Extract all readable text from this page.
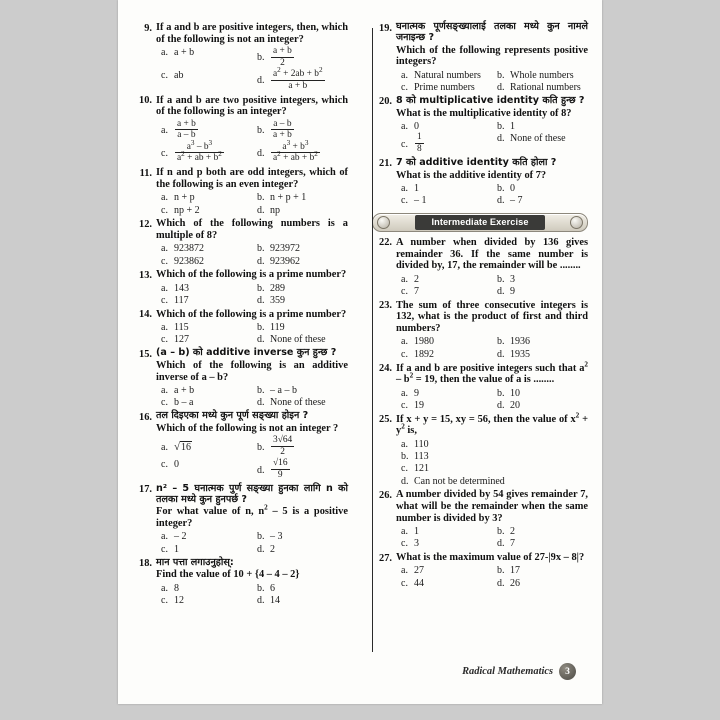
9. If a and b are positive integers, then, which of the following is not an integer?

a. a + b	b. $\frac{a + b}{2}$
c. ab	d. $\frac{a^2 + 2ab + b^2}{a + b}$
10. If a and b are two positive integers, which of the following is an integer?

a. $\frac{a + b}{a - b}$	b. $\frac{a - b}{a + b}$
c. $\frac{a^3 - b^3}{a^2 + ab + b^2}$	d. $\frac{a^3 + b^3}{a^2 + ab + b^2}$
11. If n and p both are odd integers, which of the following is an even integer?

a. n + p	b. n + p + 1
c. np + 2	d. np
12. Which of the following numbers is a multiple of 8?

a. 923872	b. 923972
c. 923862	d. 923962
13. Which of the following is a prime number?

a. 143	b. 289
c. 117	d. 359
14. Which of the following is a prime number?

a. 115	b. 119
c. 127	d. None of these
15. (a – b) को additive inverse कुन हुन्छ ?

Which of the following is an additive inverse of a – b?

a. a + b	b. – a – b
c. b – a	d. None of these
16. तल दिइएका मध्ये कुन पूर्ण सङ्ख्या होइन ?

Which of the following is not an integer ?

a. √16	b. $\frac{3√64}{2}$
c. 0	d. $\frac{√16}{9}$
17. n² – 5 घनात्मक पुर्ण सङ्ख्या हुनका लागि n को तलका मध्ये कुन हुनपर्छ ?

For what value of n, $n^2 - 5$ is a positive integer?

a. – 2	b. – 3
c. 1	d. 2
18. मान पत्ता लगाउनुहोस्:

Find the value of 10 + {4 – 4 – 2}

a. 8	b. 6
c. 12	d. 14
19. घनात्मक पूर्णसङ्ख्यालाई तलका मध्ये कुन नामले जनाइन्छ ?

Which of the following represents positive integers?

a. Natural numbers	b. Whole numbers
c. Prime numbers	d. Rational numbers
20. 8 को multiplicative identity कति हुन्छ ?

What is the multiplicative identity of 8?

a. 0	b. 1
c. $\frac{1}{8}$	d. None of these
21. 7 को additive identity कति होला ?

What is the additive identity of 7?

a. 1	b. 0
c. – 1	d. – 7
Intermediate Exercise
22. A number when divided by 136 gives remainder 36. If the same number is divided by, 17, the remainder will be ........

a. 2	b. 3
c. 7	d. 9
23. The sum of three consecutive integers is 132, what is the product of first and third numbers?

a. 1980	b. 1936
c. 1892	d. 1935
24. If a and b are positive integers such that $a^2 - b^2 = 19$, then the value of a is ........

a. 9	b. 10
c. 19	d. 20
25. If x + y = 15, xy = 56, then the value of $x^2 + y^2$ is,

a. 110
b. 113
c. 121
d. Can not be determined
26. A number divided by 54 gives remainder 7, what will be the remainder when the same number is divided by 3?

a. 1	b. 2
c. 3	d. 7
27. What is the maximum value of 27-|9x – 8|?

a. 27	b. 17
c. 44	d. 26
Radical Mathematics	3
